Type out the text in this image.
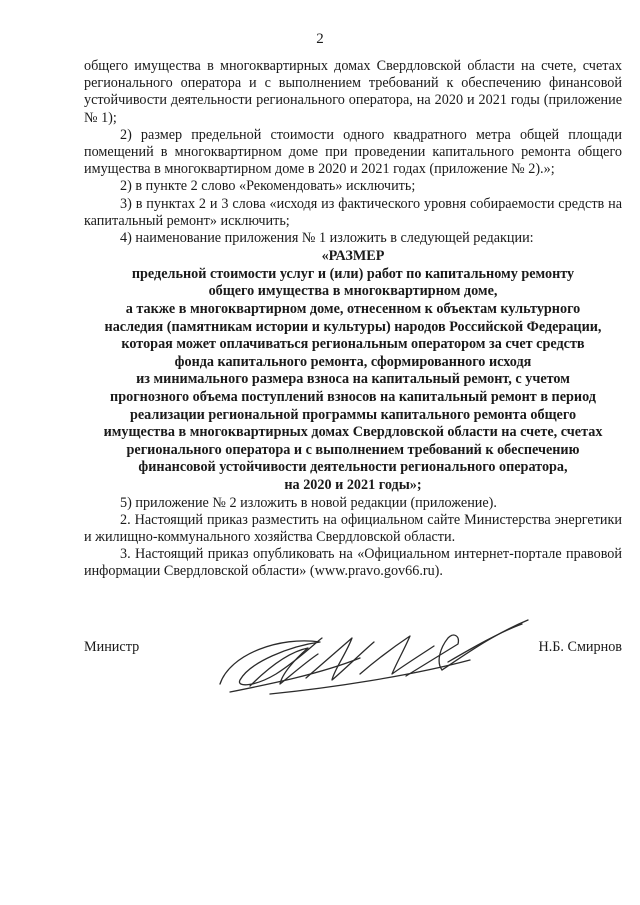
2

общего имущества в многоквартирных домах Свердловской области на счете, счетах регионального оператора и с выполнением требований к обеспечению финансовой устойчивости деятельности регионального оператора, на 2020 и 2021 годы (приложение № 1);

2) размер предельной стоимости одного квадратного метра общей площади помещений в многоквартирном доме при проведении капитального ремонта общего имущества в многоквартирном доме в 2020 и 2021 годах (приложение № 2).»;

2) в пункте 2 слово «Рекомендовать» исключить;

3) в пунктах 2 и 3 слова «исходя из фактического уровня собираемости средств на капитальный ремонт» исключить;

4) наименование приложения № 1 изложить в следующей редакции:

«РАЗМЕР
предельной стоимости услуг и (или) работ по капитальному ремонту
общего имущества в многоквартирном доме,
а также в многоквартирном доме, отнесенном к объектам культурного
наследия (памятникам истории и культуры) народов Российской Федерации,
которая может оплачиваться региональным оператором за счет средств
фонда капитального ремонта, сформированного исходя
из минимального размера взноса на капитальный ремонт, с учетом
прогнозного объема поступлений взносов на капитальный ремонт в период
реализации региональной программы капитального ремонта общего
имущества в многоквартирных домах Свердловской области на счете, счетах
регионального оператора и с выполнением требований к обеспечению
финансовой устойчивости деятельности регионального оператора,
на 2020 и 2021 годы»;

5) приложение № 2 изложить в новой редакции (приложение).

2. Настоящий приказ разместить на официальном сайте Министерства энергетики и жилищно-коммунального хозяйства Свердловской области.

3. Настоящий приказ опубликовать на «Официальном интернет-портале правовой информации Свердловской области» (www.pravo.gov66.ru).

Министр	Н.Б. Смирнов
